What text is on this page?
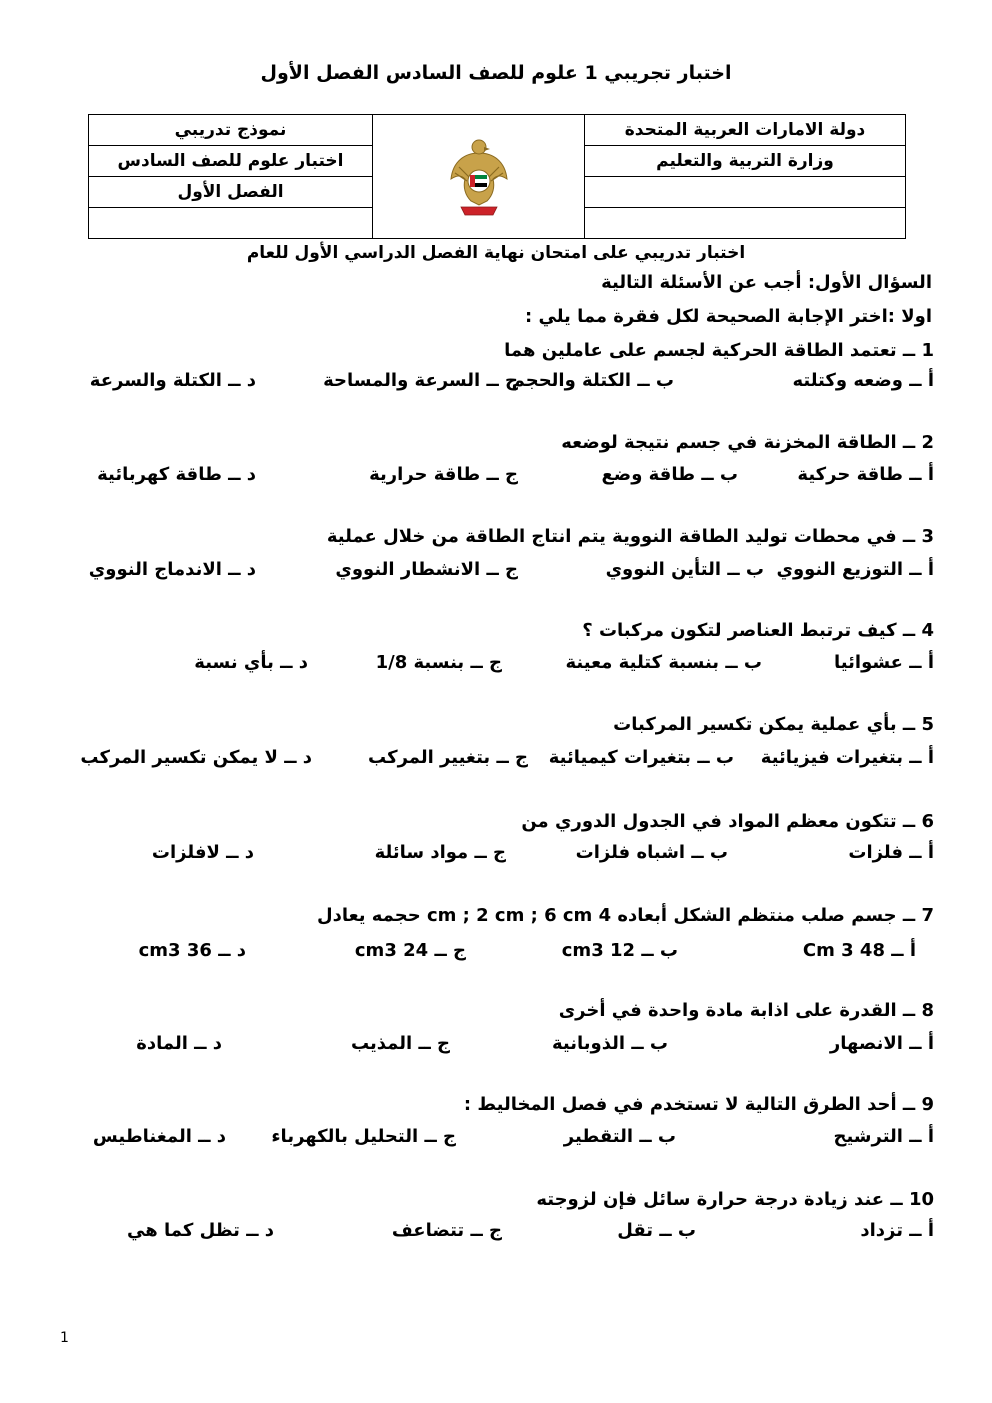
اختبار تجريبي 1 علوم للصف السادس الفصل الأول
نموذج تدريبي		دولة الامارات العربية المتحدة
اختبار علوم للصف السادس		وزارة التربية والتعليم
الفصل الأول		

اختبار تدريبي على امتحان نهاية الفصل الدراسي الأول للعام
السؤال الأول: أجب عن الأسئلة التالية
اولا :اختر الإجابة الصحيحة لكل فقرة مما يلي :
1 ــ تعتمد الطاقة الحركية لجسم على عاملين هما
أ ــ وضعه وكتلته
ب ــ الكتلة والحجم
ج ــ السرعة والمساحة
د ــ الكتلة والسرعة
2 ــ الطاقة المخزنة في جسم نتيجة لوضعه
أ ــ طاقة حركية
ب ــ طاقة وضع
ج ــ طاقة حرارية
د ــ طاقة كهربائية
3 ــ في محطات توليد الطاقة النووية يتم انتاج الطاقة من خلال عملية
أ ــ التوزيع النووي
ب ــ التأين النووي
ج ــ الانشطار النووي
د ــ الاندماج النووي
4 ــ كيف ترتبط العناصر لتكون مركبات ؟
أ ــ عشوائيا
ب ــ بنسبة كتلية معينة
ج ــ بنسبة 1/8
د ــ بأي نسبة
5 ــ بأي عملية يمكن تكسير المركبات
أ ــ بتغيرات فيزيائية
ب ــ بتغيرات كيميائية
ج ــ بتغيير المركب
د ــ لا يمكن تكسير المركب
6 ــ تتكون معظم المواد في الجدول الدوري من
أ ــ فلزات
ب ــ اشباه فلزات
ج ــ مواد سائلة
د ــ لافلزات
7 ــ جسم صلب منتظم الشكل أبعاده 4 cm ; 2 cm ; 6 cm حجمه يعادل
أ ــ 48 Cm 3
ب ــ 12 cm3
ج ــ 24 cm3
د ــ 36 cm3
8 ــ القدرة على اذابة مادة واحدة في أخرى
أ ــ الانصهار
ب ــ الذوبانية
ج ــ المذيب
د ــ المادة
9 ــ أحد الطرق التالية لا تستخدم في فصل المخاليط :
أ ــ الترشيح
ب ــ التقطير
ج ــ التحليل بالكهرباء
د ــ المغناطيس
10 ــ عند زيادة درجة حرارة سائل فإن لزوجته
أ ــ تزداد
ب ــ تقل
ج ــ تتضاعف
د ــ تظل كما هي
1
